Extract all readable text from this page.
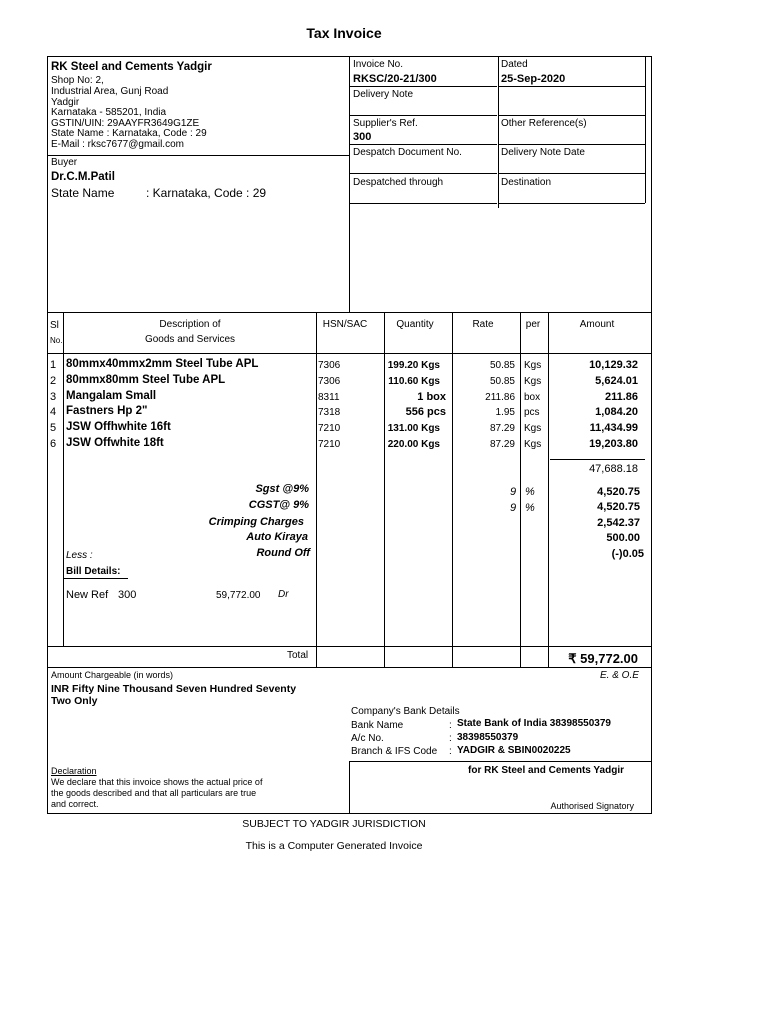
Tax Invoice
RK Steel and Cements Yadgir
Shop No: 2,
Industrial Area, Gunj Road
Yadgir
Karnataka - 585201, India
GSTIN/UIN: 29AAYFR3649G1ZE
State Name : Karnataka, Code : 29
E-Mail : rksc7677@gmail.com
Buyer
Dr.C.M.Patil
State Name	: Karnataka, Code : 29
Invoice No.
RKSC/20-21/300
Dated
25-Sep-2020
Delivery Note
Supplier's Ref.
300
Other Reference(s)
Despatch Document No.	Delivery Note Date
Despatched through	Destination
Sl
No.
Description of
Goods and Services
HSN/SAC	Quantity	Rate	per	Amount
1 80mmx40mmx2mm Steel Tube APL	7306	199.20 Kgs	50.85 Kgs	10,129.32
2 80mmx80mm Steel Tube APL	7306	110.60 Kgs	50.85 Kgs	5,624.01
3 Mangalam Small	8311	1 box	211.86 box	211.86
4 Fastners Hp 2"	7318	556 pcs	1.95 pcs	1,084.20
5 JSW Offhwhite 16ft	7210	131.00 Kgs	87.29 Kgs	11,434.99
6 JSW Offwhite 18ft	7210	220.00 Kgs	87.29 Kgs	19,203.80
47,688.18
Sgst @9%	9 %	4,520.75
CGST@ 9%	9 %	4,520.75
Crimping Charges	2,542.37
Auto Kiraya	500.00
Less :	Round Off	(-)0.05
Bill Details:
New Ref 300	59,772.00 Dr
Total	₹ 59,772.00
Amount Chargeable (in words)	E. & O.E
INR Fifty Nine Thousand Seven Hundred Seventy
Two Only
Company's Bank Details
Bank Name	: State Bank of India 38398550379
A/c No.	: 38398550379
Branch & IFS Code : YADGIR & SBIN0020225
Declaration
We declare that this invoice shows the actual price of
the goods described and that all particulars are true
and correct.
for RK Steel and Cements Yadgir
Authorised Signatory
SUBJECT TO YADGIR JURISDICTION
This is a Computer Generated Invoice
